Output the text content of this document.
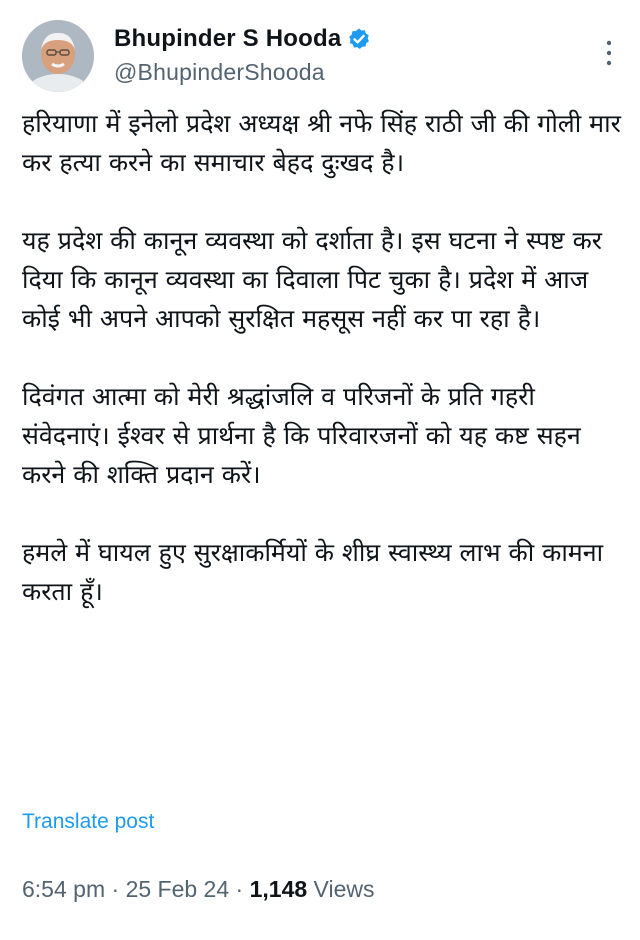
Bhupinder S Hooda
@BhupinderShooda

हरियाणा में इनेलो प्रदेश अध्यक्ष श्री नफे सिंह राठी जी की गोली मार कर हत्या करने का समाचार बेहद दुःखद है।

यह प्रदेश की कानून व्यवस्था को दर्शाता है। इस घटना ने स्पष्ट कर दिया कि कानून व्यवस्था का दिवाला पिट चुका है। प्रदेश में आज कोई भी अपने आपको सुरक्षित महसूस नहीं कर पा रहा है।

दिवंगत आत्मा को मेरी श्रद्धांजलि व परिजनों के प्रति गहरी संवेदनाएं। ईश्वर से प्रार्थना है कि परिवारजनों को यह कष्ट सहन करने की शक्ति प्रदान करें।

हमले में घायल हुए सुरक्षाकर्मियों के शीघ्र स्वास्थ्य लाभ की कामना करता हूँ।

Translate post
6:54 pm · 25 Feb 24 · 1,148 Views
